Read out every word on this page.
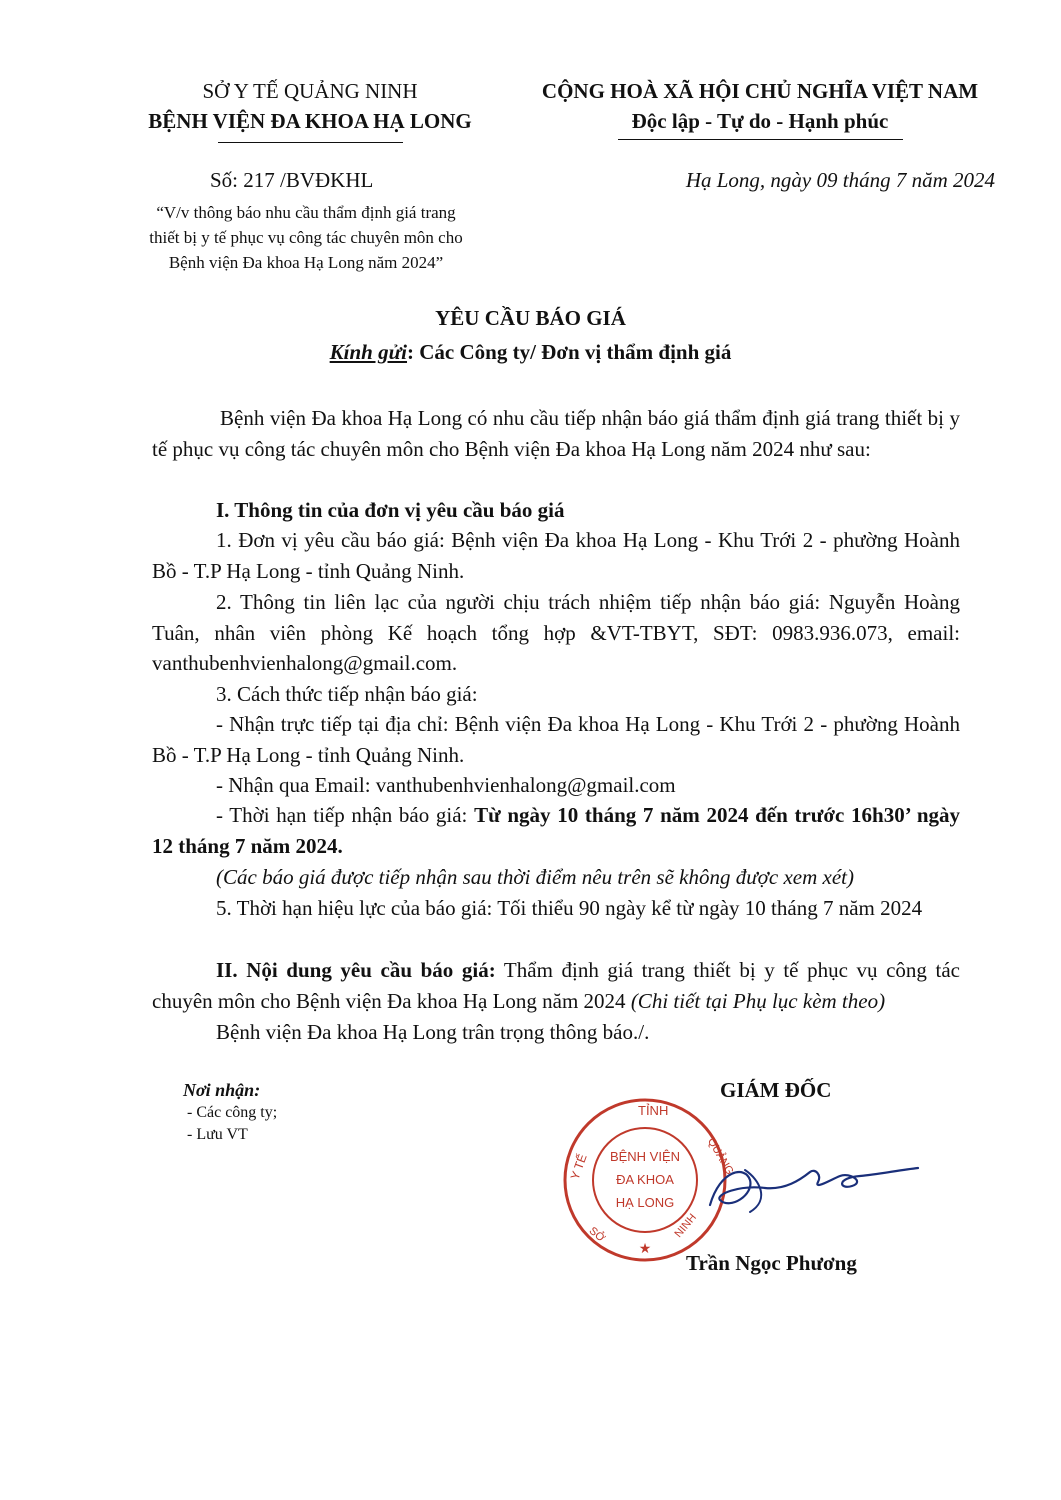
SỞ Y TẾ QUẢNG NINH
BỆNH VIỆN ĐA KHOA HẠ LONG
CỘNG HOÀ XÃ HỘI CHỦ NGHĨA VIỆT NAM
Độc lập - Tự do - Hạnh phúc
Số: 217 /BVĐKHL	Hạ Long, ngày 09 tháng 7 năm 2024
“V/v thông báo nhu cầu thẩm định giá trang
thiết bị y tế phục vụ công tác chuyên môn cho
Bệnh viện Đa khoa Hạ Long năm 2024”
YÊU CẦU BÁO GIÁ
Kính gửi: Các Công ty/ Đơn vị thẩm định giá
Bệnh viện Đa khoa Hạ Long có nhu cầu tiếp nhận báo giá thẩm định giá trang thiết bị y tế phục vụ công tác chuyên môn cho Bệnh viện Đa khoa Hạ Long năm 2024 như sau:
I. Thông tin của đơn vị yêu cầu báo giá
1. Đơn vị yêu cầu báo giá: Bệnh viện Đa khoa Hạ Long - Khu Trới 2 - phường Hoành Bồ - T.P Hạ Long - tỉnh Quảng Ninh.
2. Thông tin liên lạc của người chịu trách nhiệm tiếp nhận báo giá: Nguyễn Hoàng Tuân, nhân viên phòng Kế hoạch tổng hợp &VT-TBYT, SĐT: 0983.936.073, email: vanthubenhvienhalong@gmail.com.
3. Cách thức tiếp nhận báo giá:
- Nhận trực tiếp tại địa chỉ: Bệnh viện Đa khoa Hạ Long - Khu Trới 2 - phường Hoành Bồ - T.P Hạ Long - tỉnh Quảng Ninh.
- Nhận qua Email: vanthubenhvienhalong@gmail.com
- Thời hạn tiếp nhận báo giá: Từ ngày 10 tháng 7 năm 2024 đến trước 16h30’ ngày 12 tháng 7 năm 2024.
(Các báo giá được tiếp nhận sau thời điểm nêu trên sẽ không được xem xét)
5. Thời hạn hiệu lực của báo giá: Tối thiểu 90 ngày kể từ ngày 10 tháng 7 năm 2024
II. Nội dung yêu cầu báo giá: Thẩm định giá trang thiết bị y tế phục vụ công tác chuyên môn cho Bệnh viện Đa khoa Hạ Long năm 2024 (Chi tiết tại Phụ lục kèm theo)
Bệnh viện Đa khoa Hạ Long trân trọng thông báo./.
Nơi nhận:
- Các công ty;
- Lưu VT
GIÁM ĐỐC
TỈNH
Y TẾ	QUẢNG
SỞ	NINH
★
BỆNH VIỆN
ĐA KHOA
HẠ LONG
Trần Ngọc Phương
